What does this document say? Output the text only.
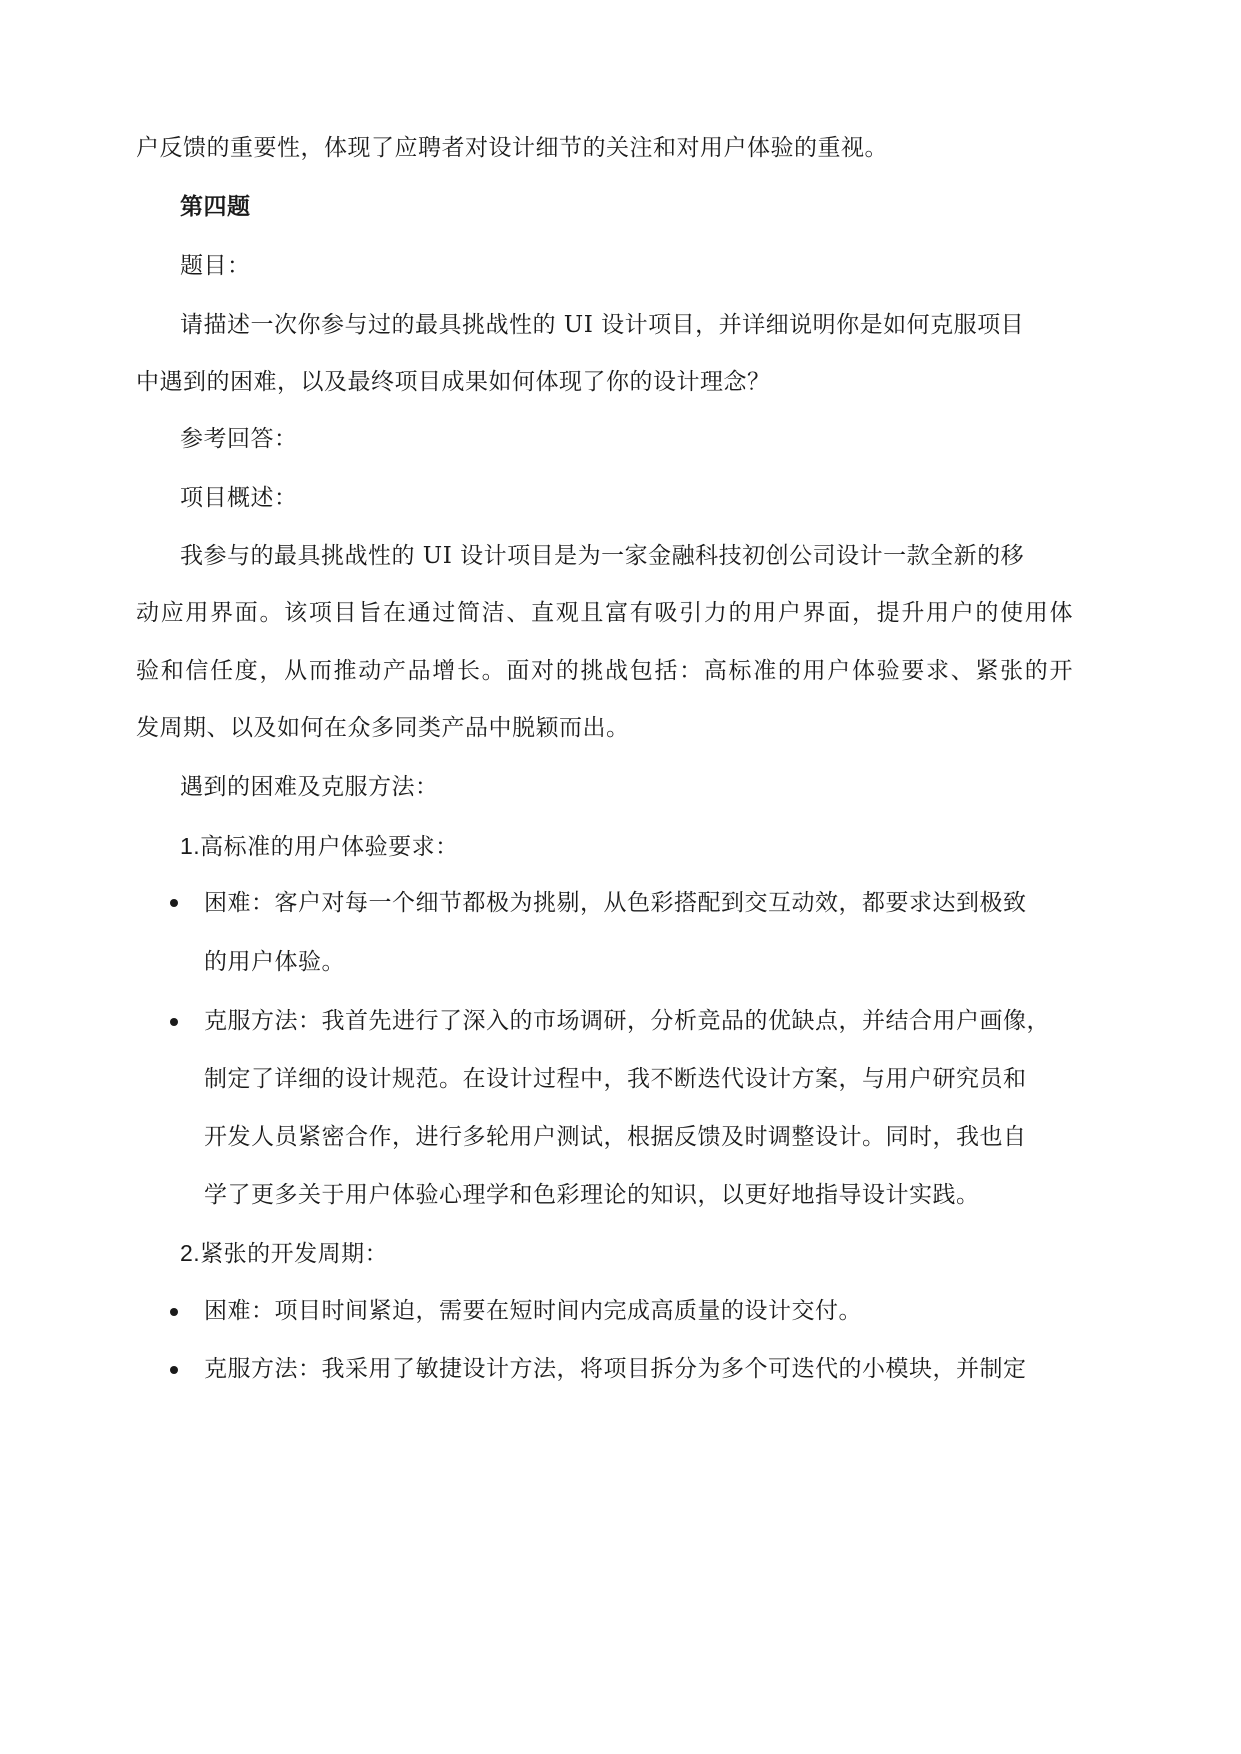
户反馈的重要性，体现了应聘者对设计细节的关注和对用户体验的重视。
第四题
题目：
请描述一次你参与过的最具挑战性的 UI 设计项目，并详细说明你是如何克服项目
中遇到的困难，以及最终项目成果如何体现了你的设计理念？
参考回答：
项目概述：
我参与的最具挑战性的 UI 设计项目是为一家金融科技初创公司设计一款全新的移
动应用界面。该项目旨在通过简洁、直观且富有吸引力的用户界面，提升用户的使用体
验和信任度，从而推动产品增长。面对的挑战包括：高标准的用户体验要求、紧张的开
发周期、以及如何在众多同类产品中脱颖而出。
遇到的困难及克服方法：
1.高标准的用户体验要求：
困难：客户对每一个细节都极为挑剔，从色彩搭配到交互动效，都要求达到极致
的用户体验。
克服方法：我首先进行了深入的市场调研，分析竞品的优缺点，并结合用户画像，
制定了详细的设计规范。在设计过程中，我不断迭代设计方案，与用户研究员和
开发人员紧密合作，进行多轮用户测试，根据反馈及时调整设计。同时，我也自
学了更多关于用户体验心理学和色彩理论的知识，以更好地指导设计实践。
2.紧张的开发周期：
困难：项目时间紧迫，需要在短时间内完成高质量的设计交付。
克服方法：我采用了敏捷设计方法，将项目拆分为多个可迭代的小模块，并制定
